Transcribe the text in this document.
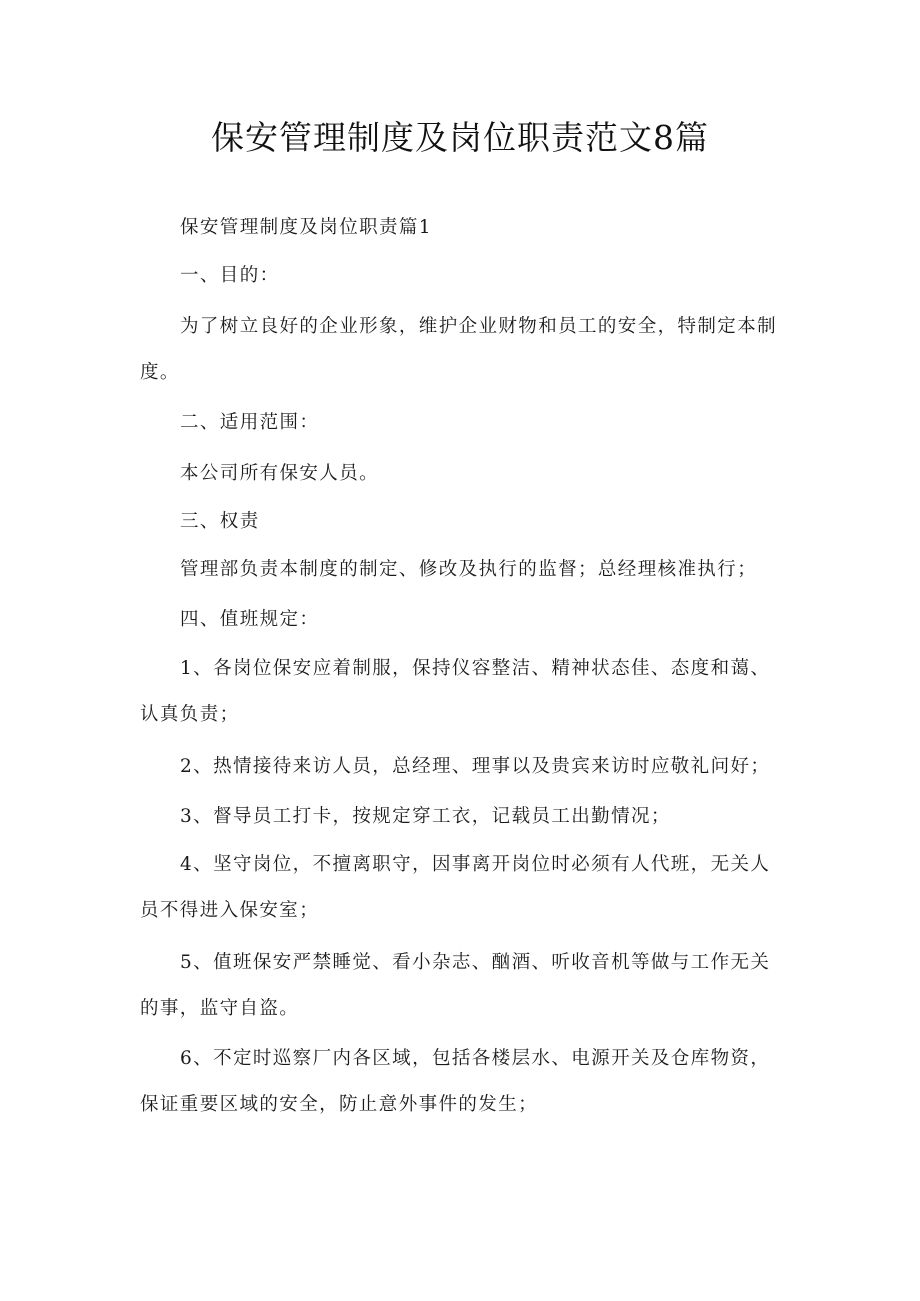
保安管理制度及岗位职责范文8篇
保安管理制度及岗位职责篇1
一、目的：
为了树立良好的企业形象，维护企业财物和员工的安全，特制定本制度。
二、适用范围：
本公司所有保安人员。
三、权责
管理部负责本制度的制定、修改及执行的监督；总经理核准执行；
四、值班规定：
1、各岗位保安应着制服，保持仪容整洁、精神状态佳、态度和蔼、认真负责；
2、热情接待来访人员，总经理、理事以及贵宾来访时应敬礼问好；
3、督导员工打卡，按规定穿工衣，记载员工出勤情况；
4、坚守岗位，不擅离职守，因事离开岗位时必须有人代班，无关人员不得进入保安室；
5、值班保安严禁睡觉、看小杂志、酗酒、听收音机等做与工作无关的事，监守自盗。
6、不定时巡察厂内各区域，包括各楼层水、电源开关及仓库物资，保证重要区域的安全，防止意外事件的发生；
